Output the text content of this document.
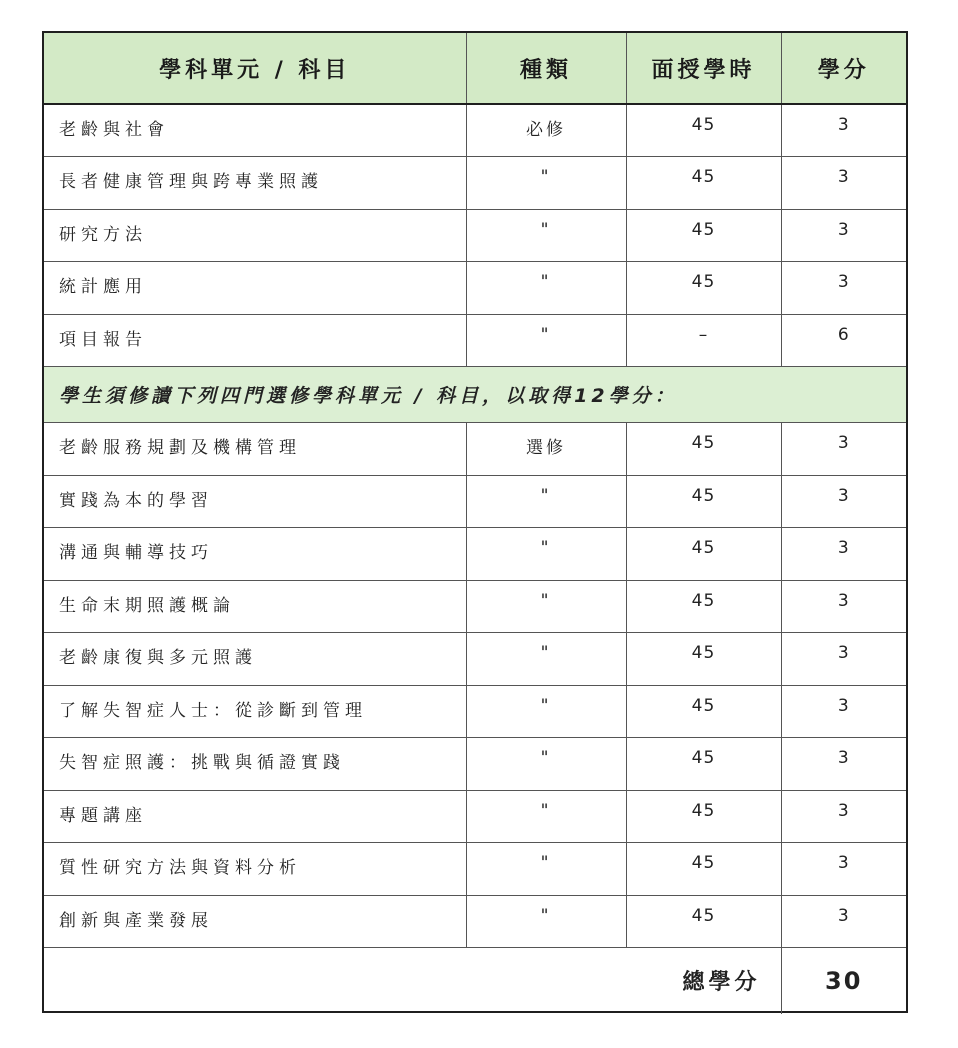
學科單元 / 科目	種類	面授學時	學分
老齡與社會	必修	45	3
長者健康管理與跨專業照護	"	45	3
研究方法	"	45	3
統計應用	"	45	3
項目報告	"	–	6
學生須修讀下列四門選修學科單元 / 科目，以取得12學分：			
老齡服務規劃及機構管理	選修	45	3
實踐為本的學習	"	45	3
溝通與輔導技巧	"	45	3
生命末期照護概論	"	45	3
老齡康復與多元照護	"	45	3
了解失智症人士：從診斷到管理	"	45	3
失智症照護：挑戰與循證實踐	"	45	3
專題講座	"	45	3
質性研究方法與資料分析	"	45	3
創新與產業發展	"	45	3
總學分			30
